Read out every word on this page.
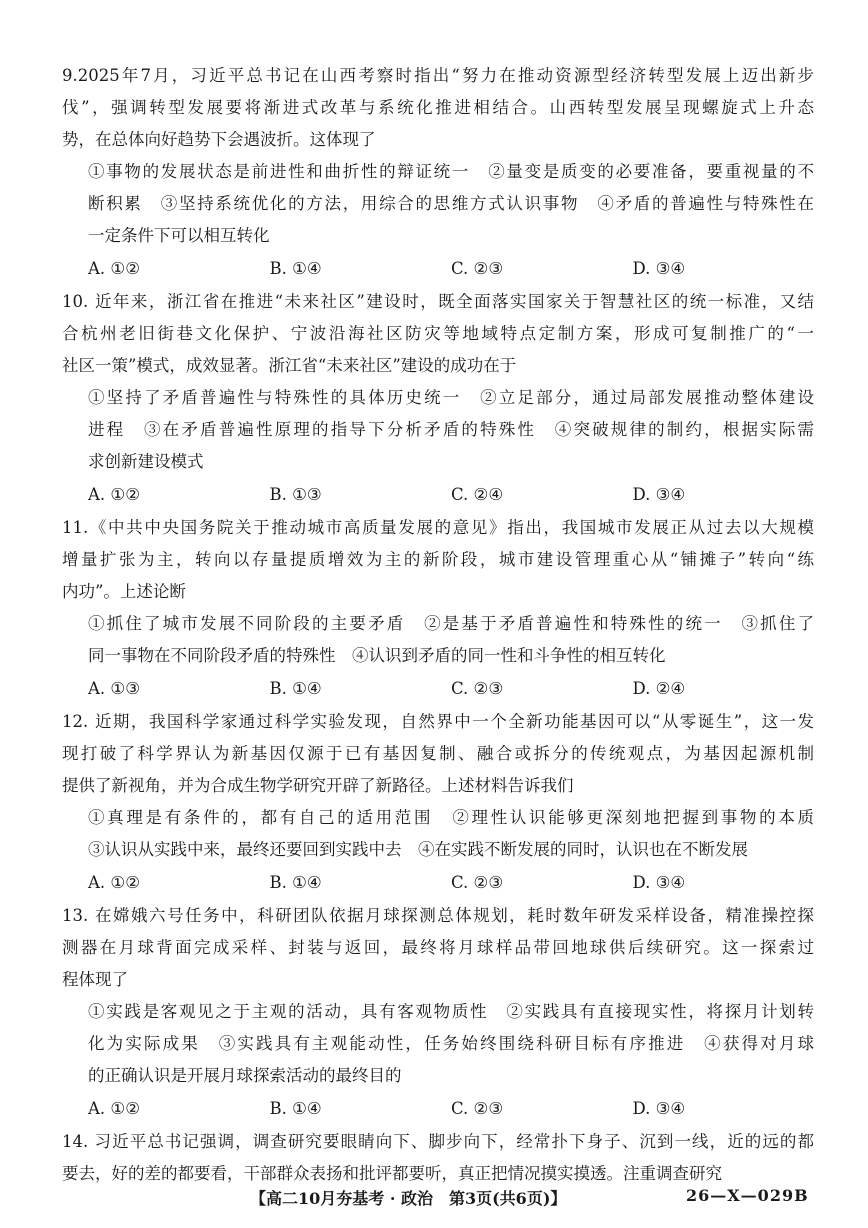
9.2025年7月，习近平总书记在山西考察时指出“努力在推动资源型经济转型发展上迈出新步
伐”，强调转型发展要将渐进式改革与系统化推进相结合。山西转型发展呈现螺旋式上升态
势，在总体向好趋势下会遇波折。这体现了
①事物的发展状态是前进性和曲折性的辩证统一　②量变是质变的必要准备，要重视量的不
断积累　③坚持系统优化的方法，用综合的思维方式认识事物　④矛盾的普遍性与特殊性在
一定条件下可以相互转化
A. ①②	B. ①④	C. ②③	D. ③④
10. 近年来，浙江省在推进“未来社区”建设时，既全面落实国家关于智慧社区的统一标准，又结
合杭州老旧街巷文化保护、宁波沿海社区防灾等地域特点定制方案，形成可复制推广的“一
社区一策”模式，成效显著。浙江省“未来社区”建设的成功在于
①坚持了矛盾普遍性与特殊性的具体历史统一　②立足部分，通过局部发展推动整体建设
进程　③在矛盾普遍性原理的指导下分析矛盾的特殊性　④突破规律的制约，根据实际需
求创新建设模式
A. ①②	B. ①③	C. ②④	D. ③④
11.《中共中央国务院关于推动城市高质量发展的意见》指出，我国城市发展正从过去以大规模
增量扩张为主，转向以存量提质增效为主的新阶段，城市建设管理重心从“铺摊子”转向“练
内功”。上述论断
①抓住了城市发展不同阶段的主要矛盾　②是基于矛盾普遍性和特殊性的统一　③抓住了
同一事物在不同阶段矛盾的特殊性　④认识到矛盾的同一性和斗争性的相互转化
A. ①③	B. ①④	C. ②③	D. ②④
12. 近期，我国科学家通过科学实验发现，自然界中一个全新功能基因可以“从零诞生”，这一发
现打破了科学界认为新基因仅源于已有基因复制、融合或拆分的传统观点，为基因起源机制
提供了新视角，并为合成生物学研究开辟了新路径。上述材料告诉我们
①真理是有条件的，都有自己的适用范围　②理性认识能够更深刻地把握到事物的本质
③认识从实践中来，最终还要回到实践中去　④在实践不断发展的同时，认识也在不断发展
A. ①②	B. ①④	C. ②③	D. ③④
13. 在嫦娥六号任务中，科研团队依据月球探测总体规划，耗时数年研发采样设备，精准操控探
测器在月球背面完成采样、封装与返回，最终将月球样品带回地球供后续研究。这一探索过
程体现了
①实践是客观见之于主观的活动，具有客观物质性　②实践具有直接现实性，将探月计划转
化为实际成果　③实践具有主观能动性，任务始终围绕科研目标有序推进　④获得对月球
的正确认识是开展月球探索活动的最终目的
A. ①②	B. ①④	C. ②③	D. ③④
14. 习近平总书记强调，调查研究要眼睛向下、脚步向下，经常扑下身子、沉到一线，近的远的都
要去，好的差的都要看，干部群众表扬和批评都要听，真正把情况摸实摸透。注重调查研究
【高二10月夯基考 · 政治　第3页(共6页)】	26—X—029B
